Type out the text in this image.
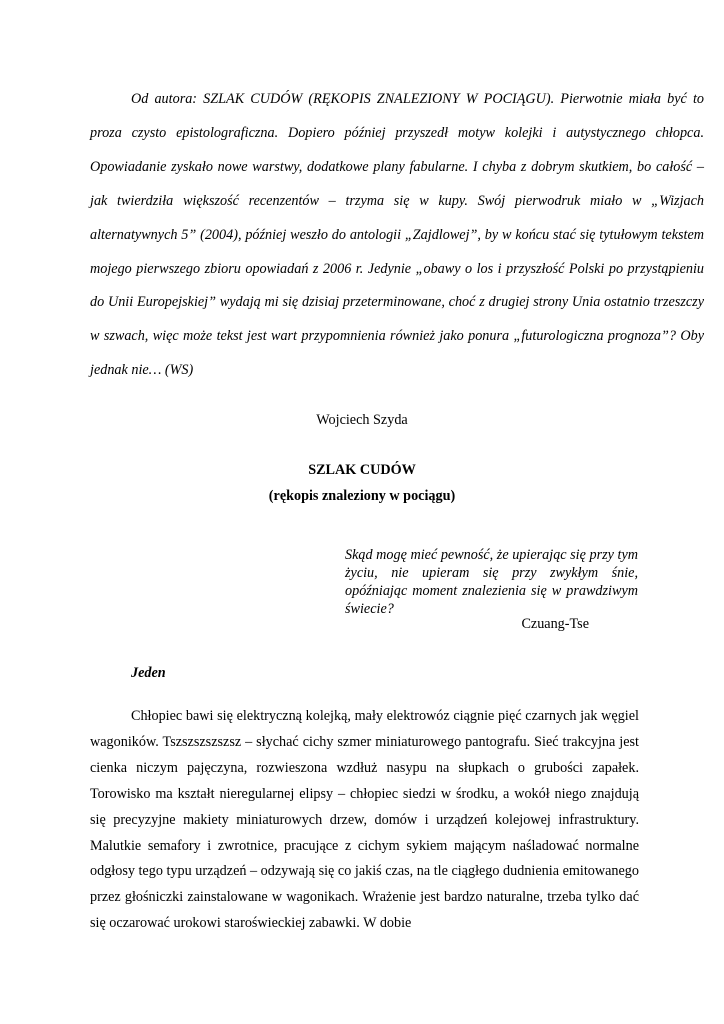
Od autora: SZLAK CUDÓW (RĘKOPIS ZNALEZIONY W POCIĄGU). Pierwotnie miała być to proza czysto epistolograficzna. Dopiero później przyszedł motyw kolejki i autystycznego chłopca. Opowiadanie zyskało nowe warstwy, dodatkowe plany fabularne. I chyba z dobrym skutkiem, bo całość – jak twierdziła większość recenzentów – trzyma się w kupy. Swój pierwodruk miało w „Wizjach alternatywnych 5” (2004), później weszło do antologii „Zajdlowej”, by w końcu stać się tytułowym tekstem mojego pierwszego zbioru opowiadań z 2006 r. Jedynie „obawy o los i przyszłość Polski po przystąpieniu do Unii Europejskiej” wydają mi się dzisiaj przeterminowane, choć z drugiej strony Unia ostatnio trzeszczy w szwach, więc może tekst jest wart przypomnienia również jako ponura „futurologiczna prognoza”? Oby jednak nie… (WS)

Wojciech Szyda

SZLAK CUDÓW

(rękopis znaleziony w pociągu)

Skąd mogę mieć pewność, że upierając się przy tym życiu, nie upieram się przy zwykłym śnie, opóźniając moment znalezienia się w prawdziwym świecie?

Czuang-Tse

Jeden

Chłopiec bawi się elektryczną kolejką, mały elektrowóz ciągnie pięć czarnych jak węgiel wagoników. Tszszszszszsz – słychać cichy szmer miniaturowego pantografu. Sieć trakcyjna jest cienka niczym pajęczyna, rozwieszona wzdłuż nasypu na słupkach o grubości zapałek. Torowisko ma kształt nieregularnej elipsy – chłopiec siedzi w środku, a wokół niego znajdują się precyzyjne makiety miniaturowych drzew, domów i urządzeń kolejowej infrastruktury. Malutkie semafory i zwrotnice, pracujące z cichym sykiem mającym naśladować normalne odgłosy tego typu urządzeń – odzywają się co jakiś czas, na tle ciągłego dudnienia emitowanego przez głośniczki zainstalowane w wagonikach. Wrażenie jest bardzo naturalne, trzeba tylko dać się oczarować urokowi staroświeckiej zabawki. W dobie
